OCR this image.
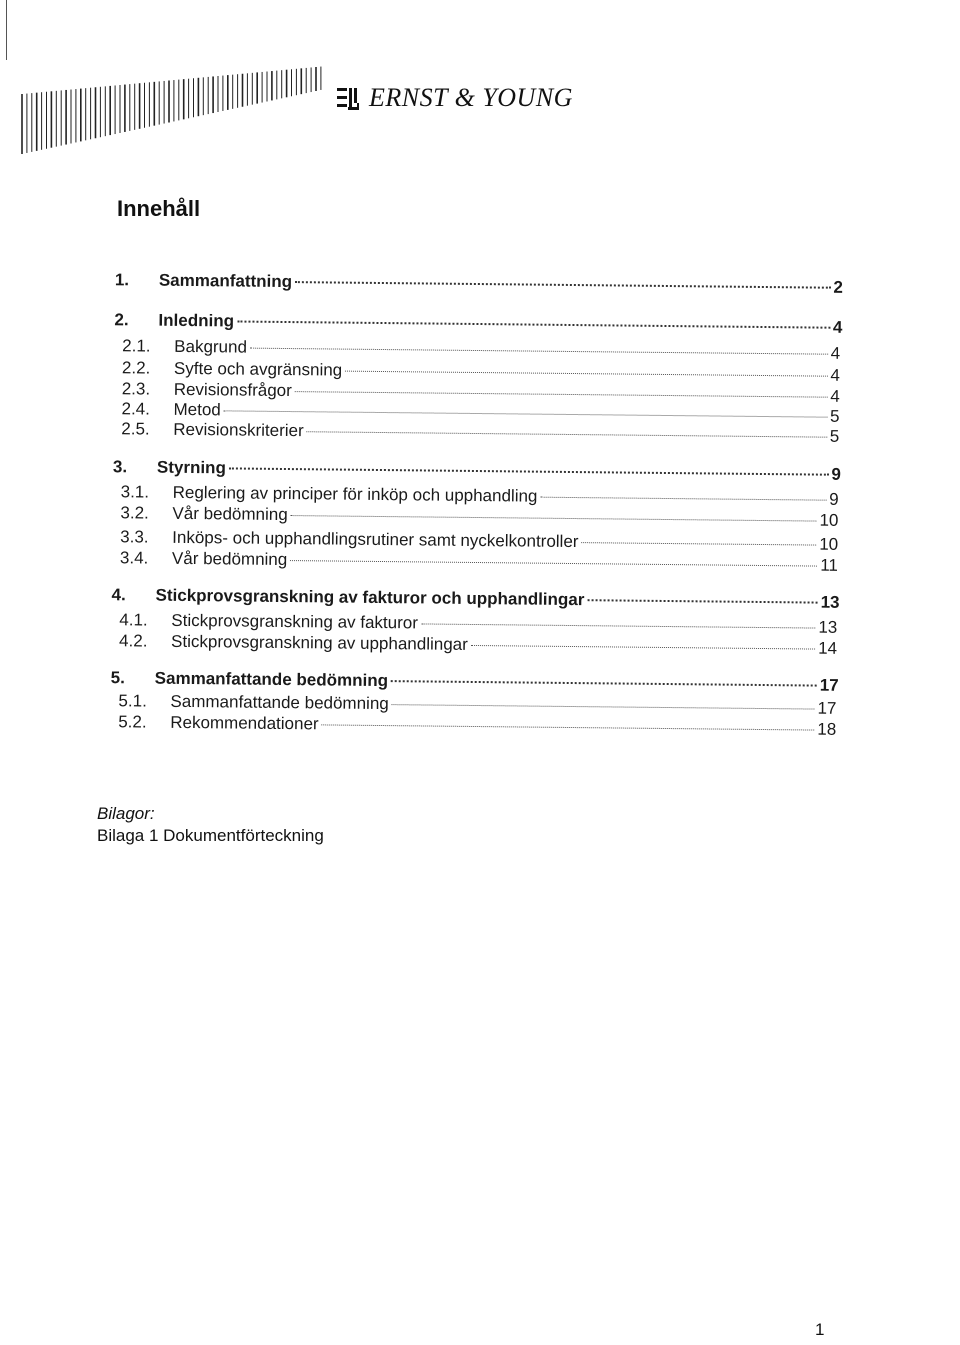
ERNST & YOUNG
Innehåll
1.	Sammanfattning	2
2.	Inledning	4
2.1.	Bakgrund	4
2.2.	Syfte och avgränsning	4
2.3.	Revisionsfrågor	4
2.4.	Metod	5
2.5.	Revisionskriterier	5
3.	Styrning	9
3.1.	Reglering av principer för inköp och upphandling	9
3.2.	Vår bedömning	10
3.3.	Inköps- och upphandlingsrutiner samt nyckelkontroller	10
3.4.	Vår bedömning	11
4.	Stickprovsgranskning av fakturor och upphandlingar	13
4.1.	Stickprovsgranskning av fakturor	13
4.2.	Stickprovsgranskning av upphandlingar	14
5.	Sammanfattande bedömning	17
5.1.	Sammanfattande bedömning	17
5.2.	Rekommendationer	18
Bilagor:
Bilaga 1 Dokumentförteckning
1
